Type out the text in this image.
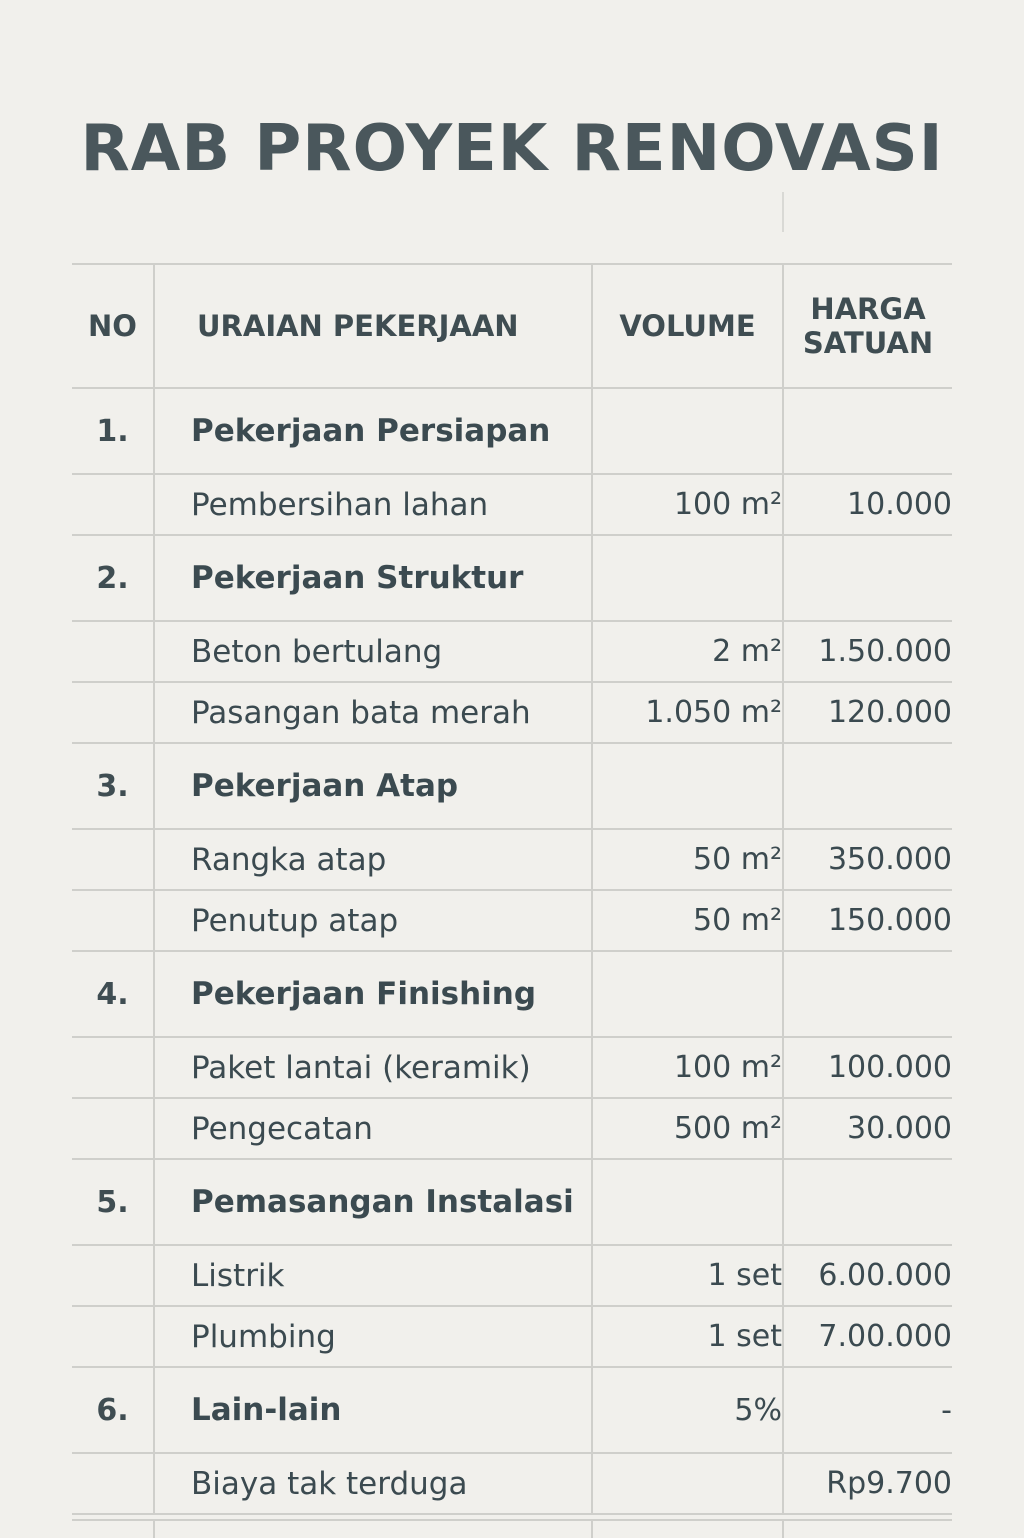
RAB PROYEK RENOVASI
NO	URAIAN PEKERJAAN	VOLUME	HARGA
SATUAN
1.	Pekerjaan Persiapan		
	Pembersihan lahan	100 m²	10.000
2.	Pekerjaan Struktur		
	Beton bertulang	2 m²	1.50.000
	Pasangan bata merah	1.050 m²	120.000
3.	Pekerjaan Atap		
	Rangka atap	50 m²	350.000
	Penutup atap	50 m²	150.000
4.	Pekerjaan Finishing		
	Paket lantai (keramik)	100 m²	100.000
	Pengecatan	500 m²	30.000
5.	Pemasangan Instalasi		
	Listrik	1 set	6.00.000
	Plumbing	1 set	7.00.000
6.	Lain-lain	5%	-
	Biaya tak terduga		Rp9.700
